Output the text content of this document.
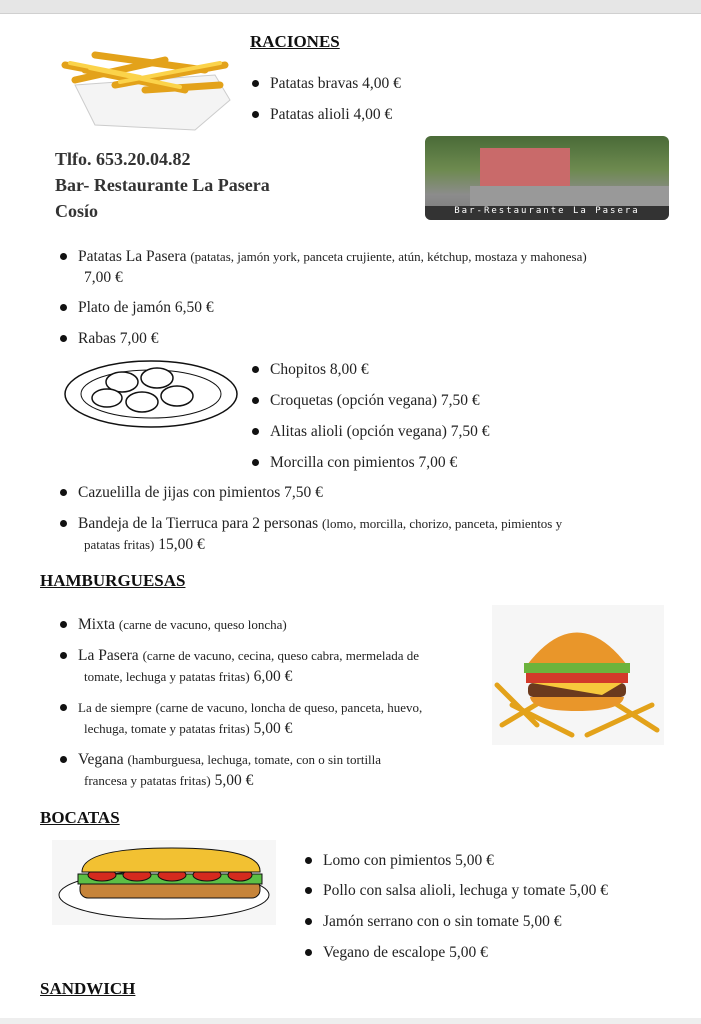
RACIONES
Patatas bravas 4,00 €
Patatas alioli 4,00 €
Tlfo. 653.20.04.82
Bar- Restaurante La Pasera
Cosío	Bar-Restaurante La Pasera
Patatas La Pasera (patatas, jamón york, panceta crujiente, atún, kétchup, mostaza y mahonesa)
7,00 €
Plato de jamón 6,50 €
Rabas 7,00 €
Chopitos 8,00 €
Croquetas (opción vegana) 7,50 €
Alitas alioli (opción vegana) 7,50 €
Morcilla con pimientos 7,00 €
Cazuelilla de jijas con pimientos 7,50 €
Bandeja de la Tierruca para 2 personas (lomo, morcilla, chorizo, panceta, pimientos y
patatas fritas) 15,00 €
HAMBURGUESAS
Mixta (carne de vacuno, queso loncha)
La Pasera (carne de vacuno, cecina, queso cabra, mermelada de
tomate, lechuga y patatas fritas) 6,00 €
La de siempre (carne de vacuno, loncha de queso, panceta, huevo,
lechuga, tomate y patatas fritas) 5,00 €
Vegana (hamburguesa, lechuga, tomate, con o sin tortilla
francesa y patatas fritas) 5,00 €
BOCATAS
Lomo con pimientos 5,00 €
Pollo con salsa alioli, lechuga y tomate 5,00 €
Jamón serrano con o sin tomate 5,00 €
Vegano de escalope 5,00 €
SANDWICH
